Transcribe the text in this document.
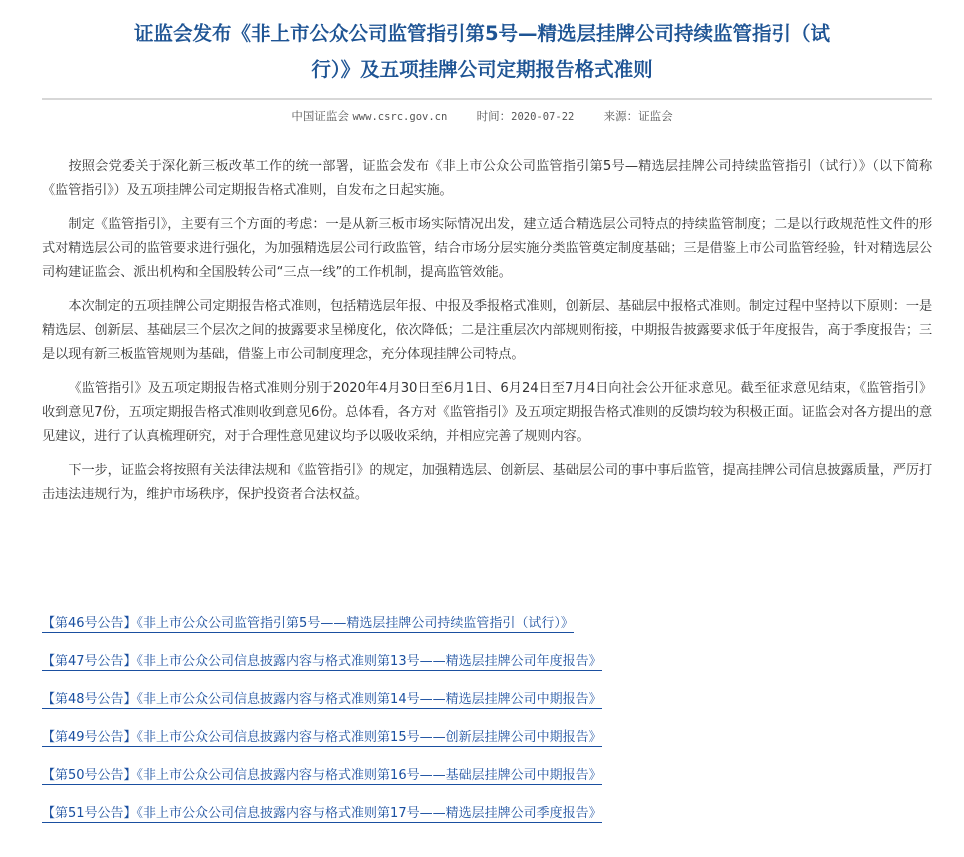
证监会发布《非上市公众公司监管指引第5号—精选层挂牌公司持续监管指引（试
行）》及五项挂牌公司定期报告格式准则
中国证监会 www.csrc.gov.cn	时间：2020-07-22	来源：证监会

按照会党委关于深化新三板改革工作的统一部署，证监会发布《非上市公众公司监管指引第5号—精选层挂牌公司持续监管指引（试行）》（以下简称《监管指引》）及五项挂牌公司定期报告格式准则，自发布之日起实施。

制定《监管指引》，主要有三个方面的考虑：一是从新三板市场实际情况出发，建立适合精选层公司特点的持续监管制度；二是以行政规范性文件的形式对精选层公司的监管要求进行强化，为加强精选层公司行政监管，结合市场分层实施分类监管奠定制度基础；三是借鉴上市公司监管经验，针对精选层公司构建证监会、派出机构和全国股转公司“三点一线”的工作机制，提高监管效能。

本次制定的五项挂牌公司定期报告格式准则，包括精选层年报、中报及季报格式准则，创新层、基础层中报格式准则。制定过程中坚持以下原则：一是精选层、创新层、基础层三个层次之间的披露要求呈梯度化，依次降低；二是注重层次内部规则衔接，中期报告披露要求低于年度报告，高于季度报告；三是以现有新三板监管规则为基础，借鉴上市公司制度理念，充分体现挂牌公司特点。

《监管指引》及五项定期报告格式准则分别于2020年4月30日至6月1日、6月24日至7月4日向社会公开征求意见。截至征求意见结束，《监管指引》收到意见7份，五项定期报告格式准则收到意见6份。总体看，各方对《监管指引》及五项定期报告格式准则的反馈均较为积极正面。证监会对各方提出的意见建议，进行了认真梳理研究，对于合理性意见建议均予以吸收采纳，并相应完善了规则内容。

下一步，证监会将按照有关法律法规和《监管指引》的规定，加强精选层、创新层、基础层公司的事中事后监管，提高挂牌公司信息披露质量，严厉打击违法违规行为，维护市场秩序，保护投资者合法权益。

【第46号公告】《非上市公众公司监管指引第5号——精选层挂牌公司持续监管指引（试行）》
【第47号公告】《非上市公众公司信息披露内容与格式准则第13号——精选层挂牌公司年度报告》
【第48号公告】《非上市公众公司信息披露内容与格式准则第14号——精选层挂牌公司中期报告》
【第49号公告】《非上市公众公司信息披露内容与格式准则第15号——创新层挂牌公司中期报告》
【第50号公告】《非上市公众公司信息披露内容与格式准则第16号——基础层挂牌公司中期报告》
【第51号公告】《非上市公众公司信息披露内容与格式准则第17号——精选层挂牌公司季度报告》
